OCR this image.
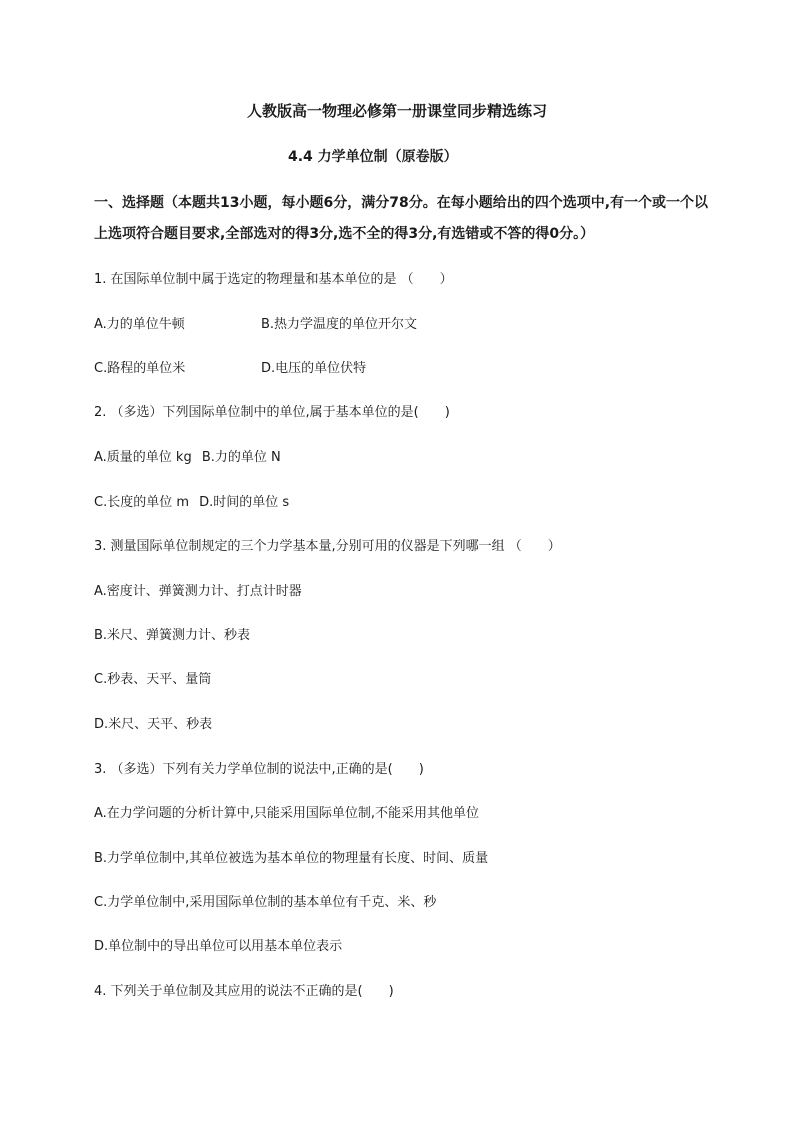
人教版高一物理必修第一册课堂同步精选练习
4.4 力学单位制（原卷版）

一、选择题（本题共13小题，每小题6分，满分78分。在每小题给出的四个选项中,有一个或一个以上选项符合题目要求,全部选对的得3分,选不全的得3分,有选错或不答的得0分。）

1. 在国际单位制中属于选定的物理量和基本单位的是 （　　）

A.力的单位牛顿	B.热力学温度的单位开尔文

C.路程的单位米	D.电压的单位伏特

2. （多选）下列国际单位制中的单位,属于基本单位的是(　　)

A.质量的单位 kg B.力的单位 N

C.长度的单位 m D.时间的单位 s

3. 测量国际单位制规定的三个力学基本量,分别可用的仪器是下列哪一组 （　　）

A.密度计、弹簧测力计、打点计时器

B.米尺、弹簧测力计、秒表

C.秒表、天平、量筒

D.米尺、天平、秒表

3. （多选）下列有关力学单位制的说法中,正确的是(　　)

A.在力学问题的分析计算中,只能采用国际单位制,不能采用其他单位

B.力学单位制中,其单位被选为基本单位的物理量有长度、时间、质量

C.力学单位制中,采用国际单位制的基本单位有千克、米、秒

D.单位制中的导出单位可以用基本单位表示

4. 下列关于单位制及其应用的说法不正确的是(　　)
